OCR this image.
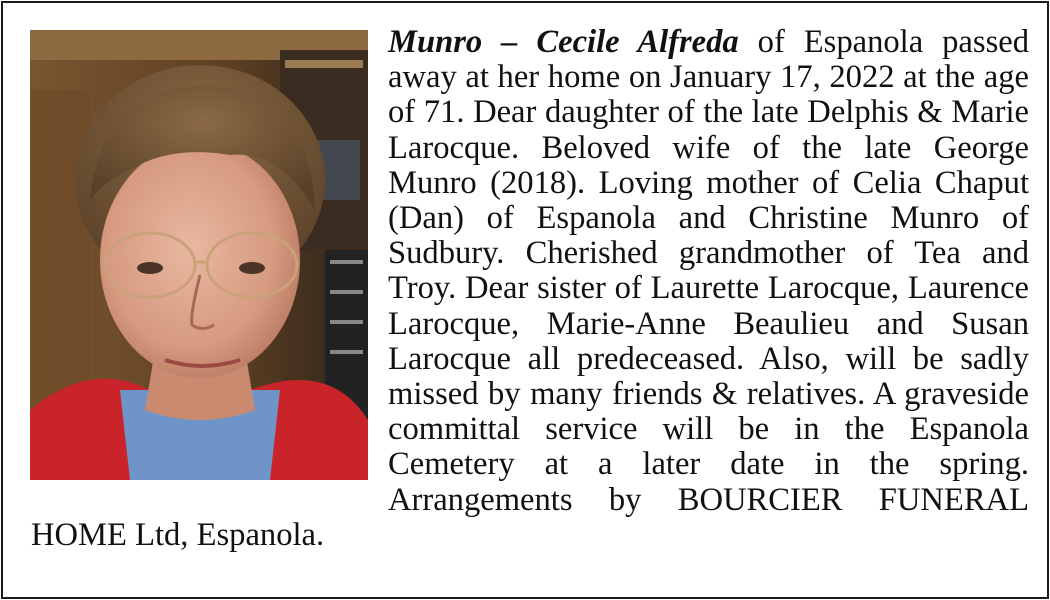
Munro – Cecile Alfreda of Espanola passed away at her home on January 17, 2022 at the age of 71. Dear daughter of the late Delphis & Marie Larocque. Beloved wife of the late George Munro (2018). Loving mother of Celia Chaput (Dan) of Espanola and Christine Munro of Sudbury. Cherished grandmother of Tea and Troy. Dear sister of Laurette Larocque, Laurence Larocque, Marie-Anne Beaulieu and Susan Larocque all predeceased. Also, will be sadly missed by many friends & relatives. A graveside committal service will be in the Espanola Cemetery at a later date in the spring. Arrangements by BOURCIER FUNERAL HOME Ltd, Espanola.
